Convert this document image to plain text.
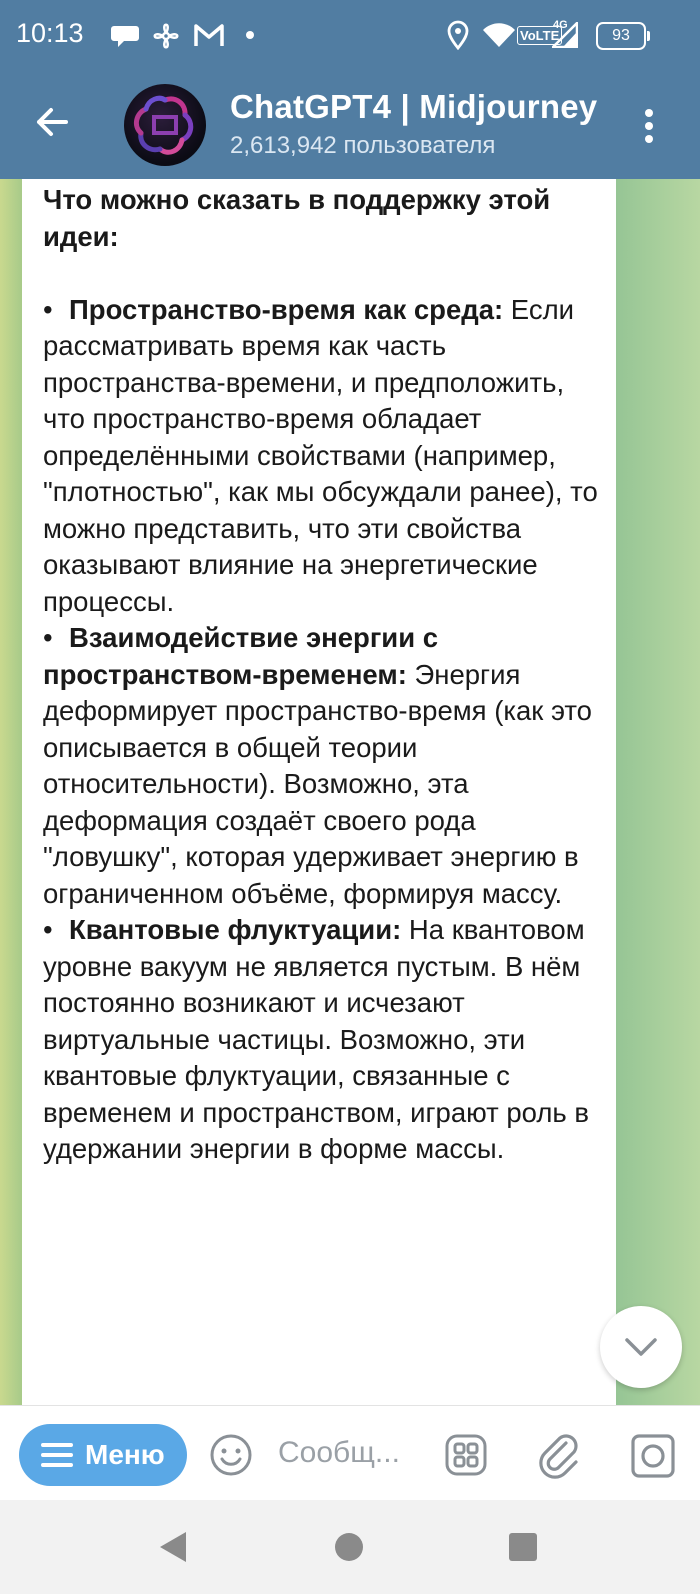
10:13	VoLTE
4G
93
ChatGPT4 | Midjourney
2,613,942 пользователя

Что можно сказать в поддержку этой идеи:

• Пространство-время как среда: Если рассматривать время как часть пространства-времени, и предположить, что пространство-время обладает определёнными свойствами (например, "плотностью", как мы обсуждали ранее), то можно представить, что эти свойства оказывают влияние на энергетические процессы.

• Взаимодействие энергии с пространством-временем: Энергия деформирует пространство-время (как это описывается в общей теории относительности). Возможно, эта деформация создаёт своего рода "ловушку", которая удерживает энергию в ограниченном объёме, формируя массу.

• Квантовые флуктуации: На квантовом уровне вакуум не является пустым. В нём постоянно возникают и исчезают виртуальные частицы. Возможно, эти квантовые флуктуации, связанные с временем и пространством, играют роль в удержании энергии в форме массы.

Меню	Сообщ...
